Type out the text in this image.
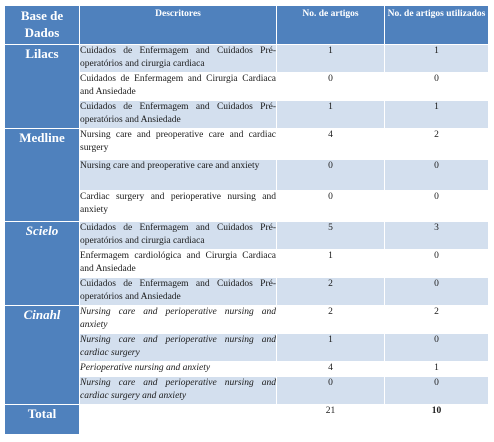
Base de Dados	Descritores	No. de artigos	No. de artigos utilizados
Lilacs	Cuidados de Enfermagem and Cuidados Pré-operatórios and cirurgia cardiaca	1	1
	Cuidados de Enfermagem and Cirurgia Cardiaca and Ansiedade	0	0
	Cuidados de Enfermagem and Cuidados Pré-operatórios and Ansiedade	1	1
Medline	Nursing care and preoperative care and cardiac surgery	4	2
	Nursing care and preoperative care and anxiety	0	0
	Cardiac surgery and perioperative nursing and anxiety	0	0
Scielo	Cuidados de Enfermagem and Cuidados Pré-operatórios and cirurgia cardiaca	5	3
	Enfermagem cardiológica and Cirurgia Cardiaca and Ansiedade	1	0
	Cuidados de Enfermagem and Cuidados Pré-operatórios and Ansiedade	2	0
Cinahl	Nursing care and perioperative nursing and anxiety	2	2
	Nursing care and perioperative nursing and cardiac surgery	1	0
	Perioperative nursing and anxiety	4	1
	Nursing care and perioperative nursing and cardiac surgery and anxiety	0	0
Total		21	10
